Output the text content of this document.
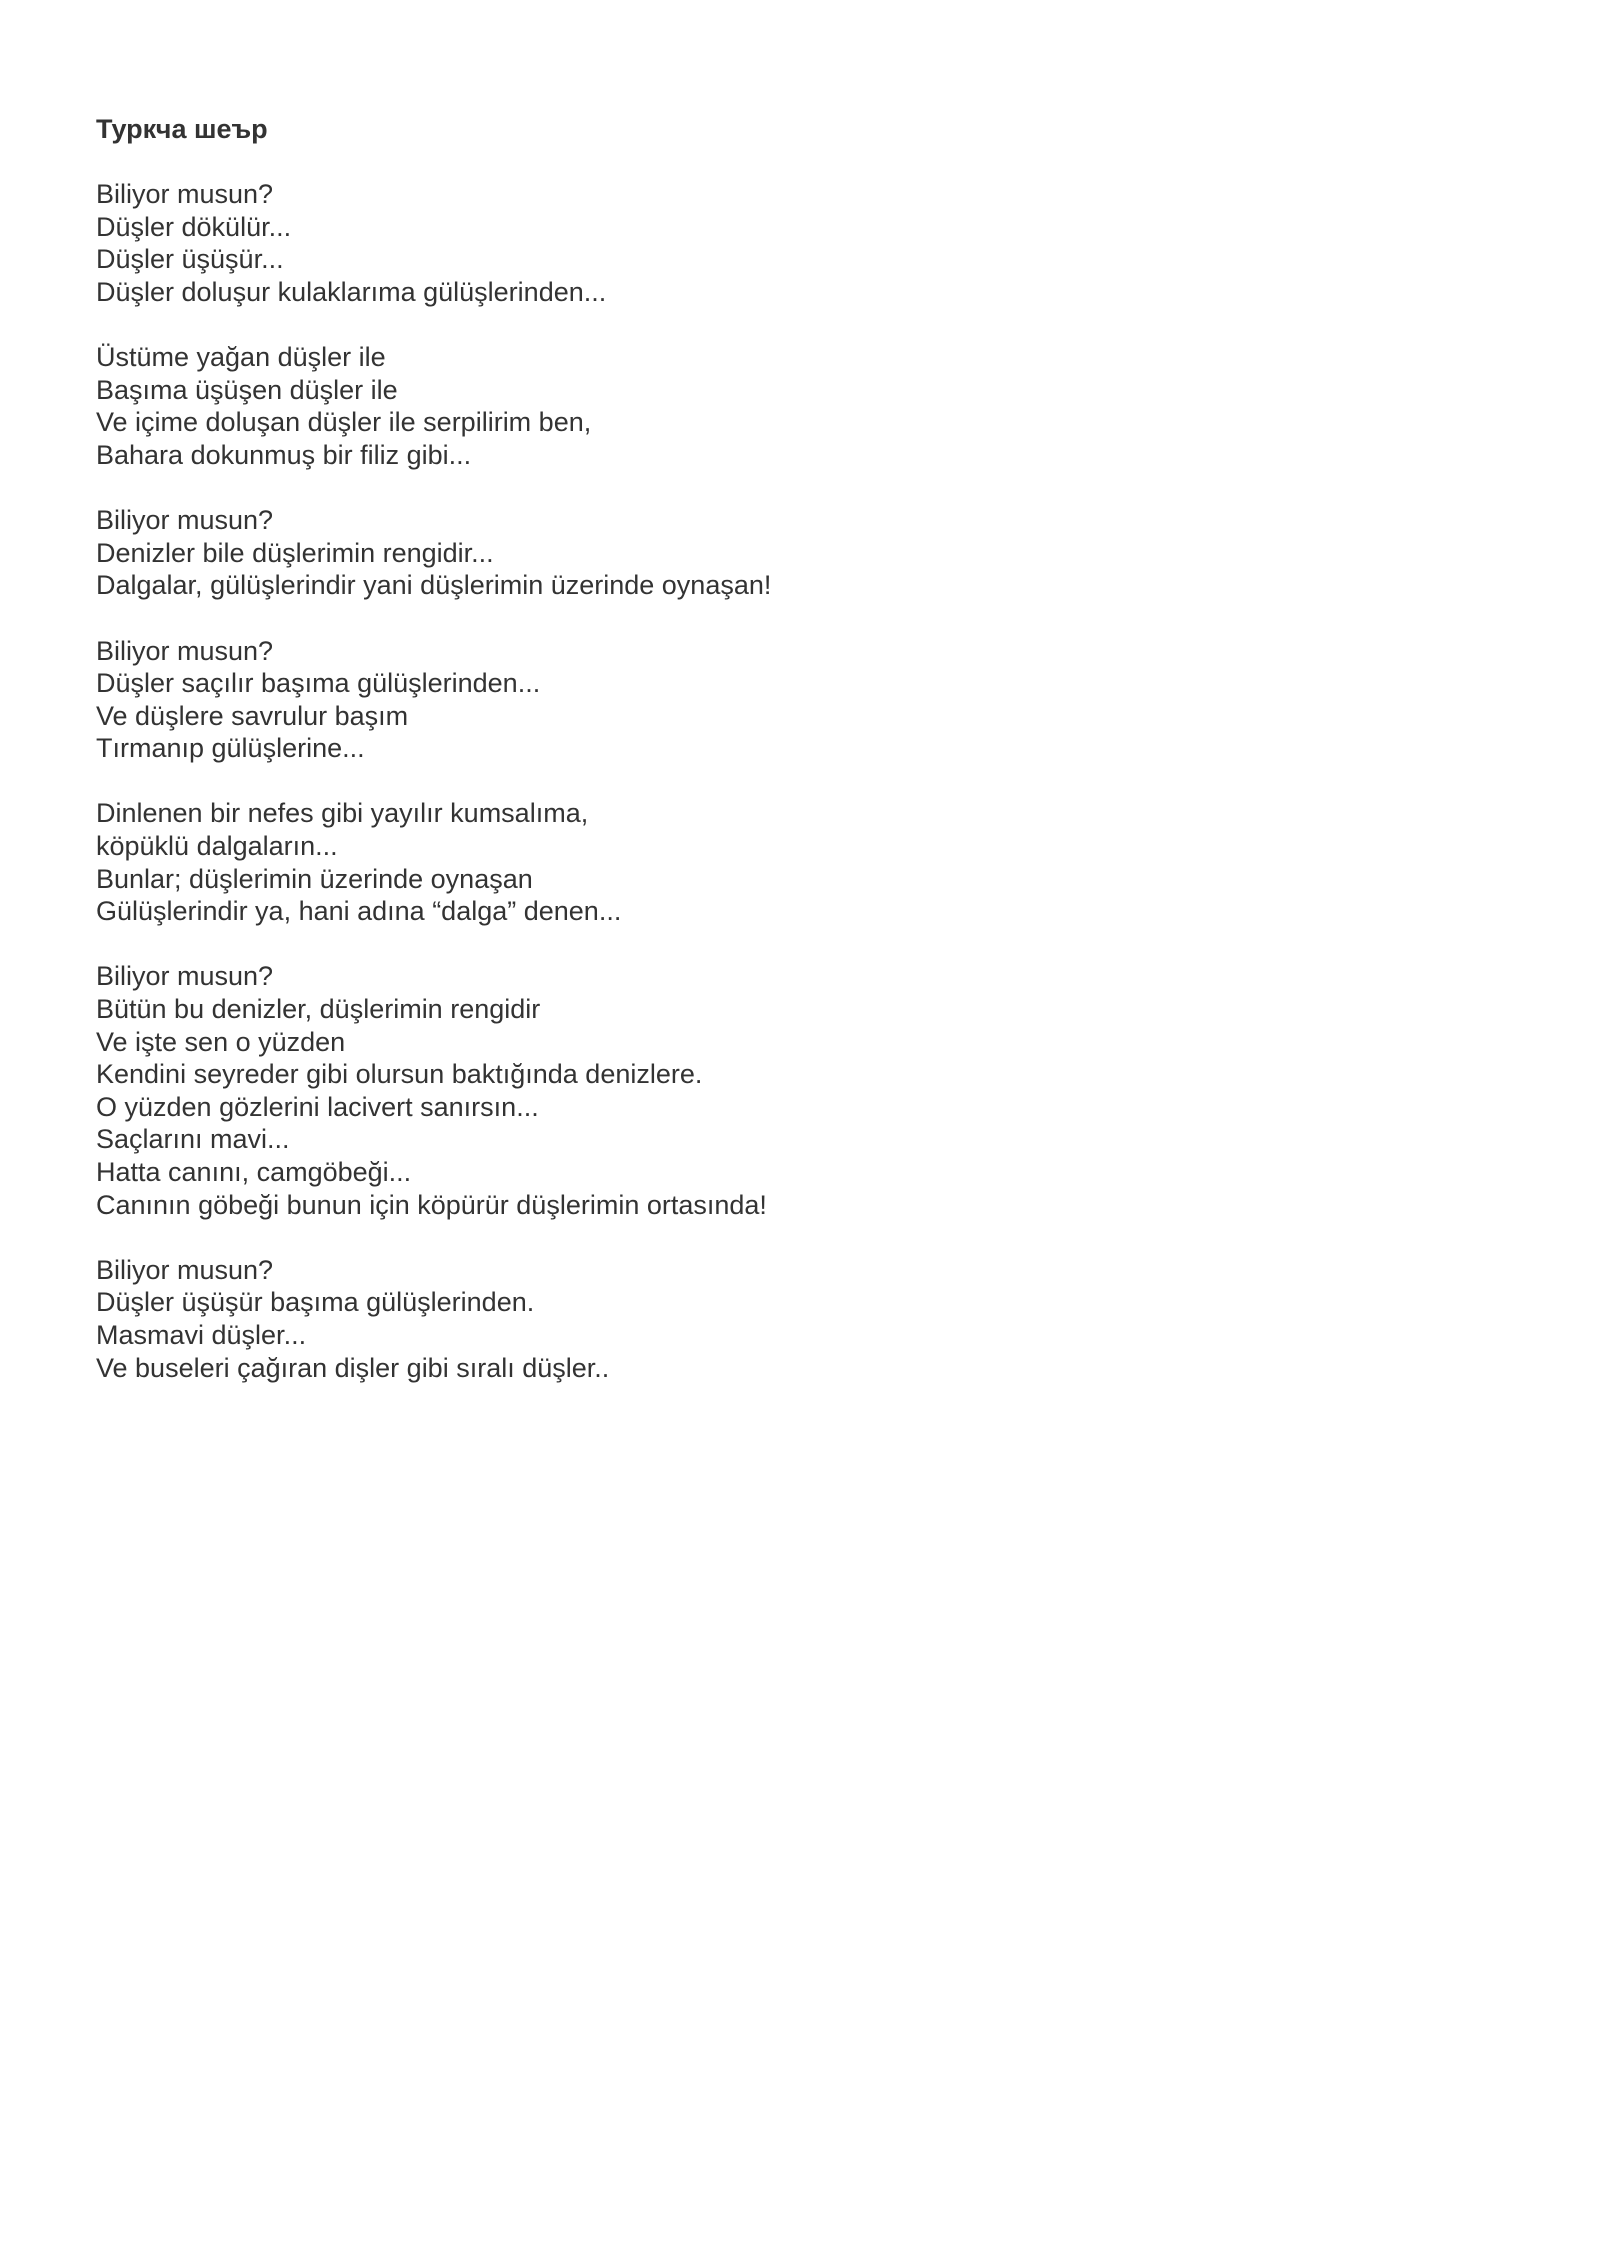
Туркча шеър
Biliyor musun?
Düşler dökülür...
Düşler üşüşür...
Düşler doluşur kulaklarıma gülüşlerinden...
Üstüme yağan düşler ile
Başıma üşüşen düşler ile
Ve içime doluşan düşler ile serpilirim ben,
Bahara dokunmuş bir filiz gibi...
Biliyor musun?
Denizler bile düşlerimin rengidir...
Dalgalar, gülüşlerindir yani düşlerimin üzerinde oynaşan!
Biliyor musun?
Düşler saçılır başıma gülüşlerinden...
Ve düşlere savrulur başım
Tırmanıp gülüşlerine...
Dinlenen bir nefes gibi yayılır kumsalıma,
köpüklü dalgaların...
Bunlar; düşlerimin üzerinde oynaşan
Gülüşlerindir ya, hani adına “dalga” denen...
Biliyor musun?
Bütün bu denizler, düşlerimin rengidir
Ve işte sen o yüzden
Kendini seyreder gibi olursun baktığında denizlere.
O yüzden gözlerini lacivert sanırsın...
Saçlarını mavi...
Hatta canını, camgöbeği...
Canının göbeği bunun için köpürür düşlerimin ortasında!
Biliyor musun?
Düşler üşüşür başıma gülüşlerinden.
Masmavi düşler...
Ve buseleri çağıran dişler gibi sıralı düşler..
